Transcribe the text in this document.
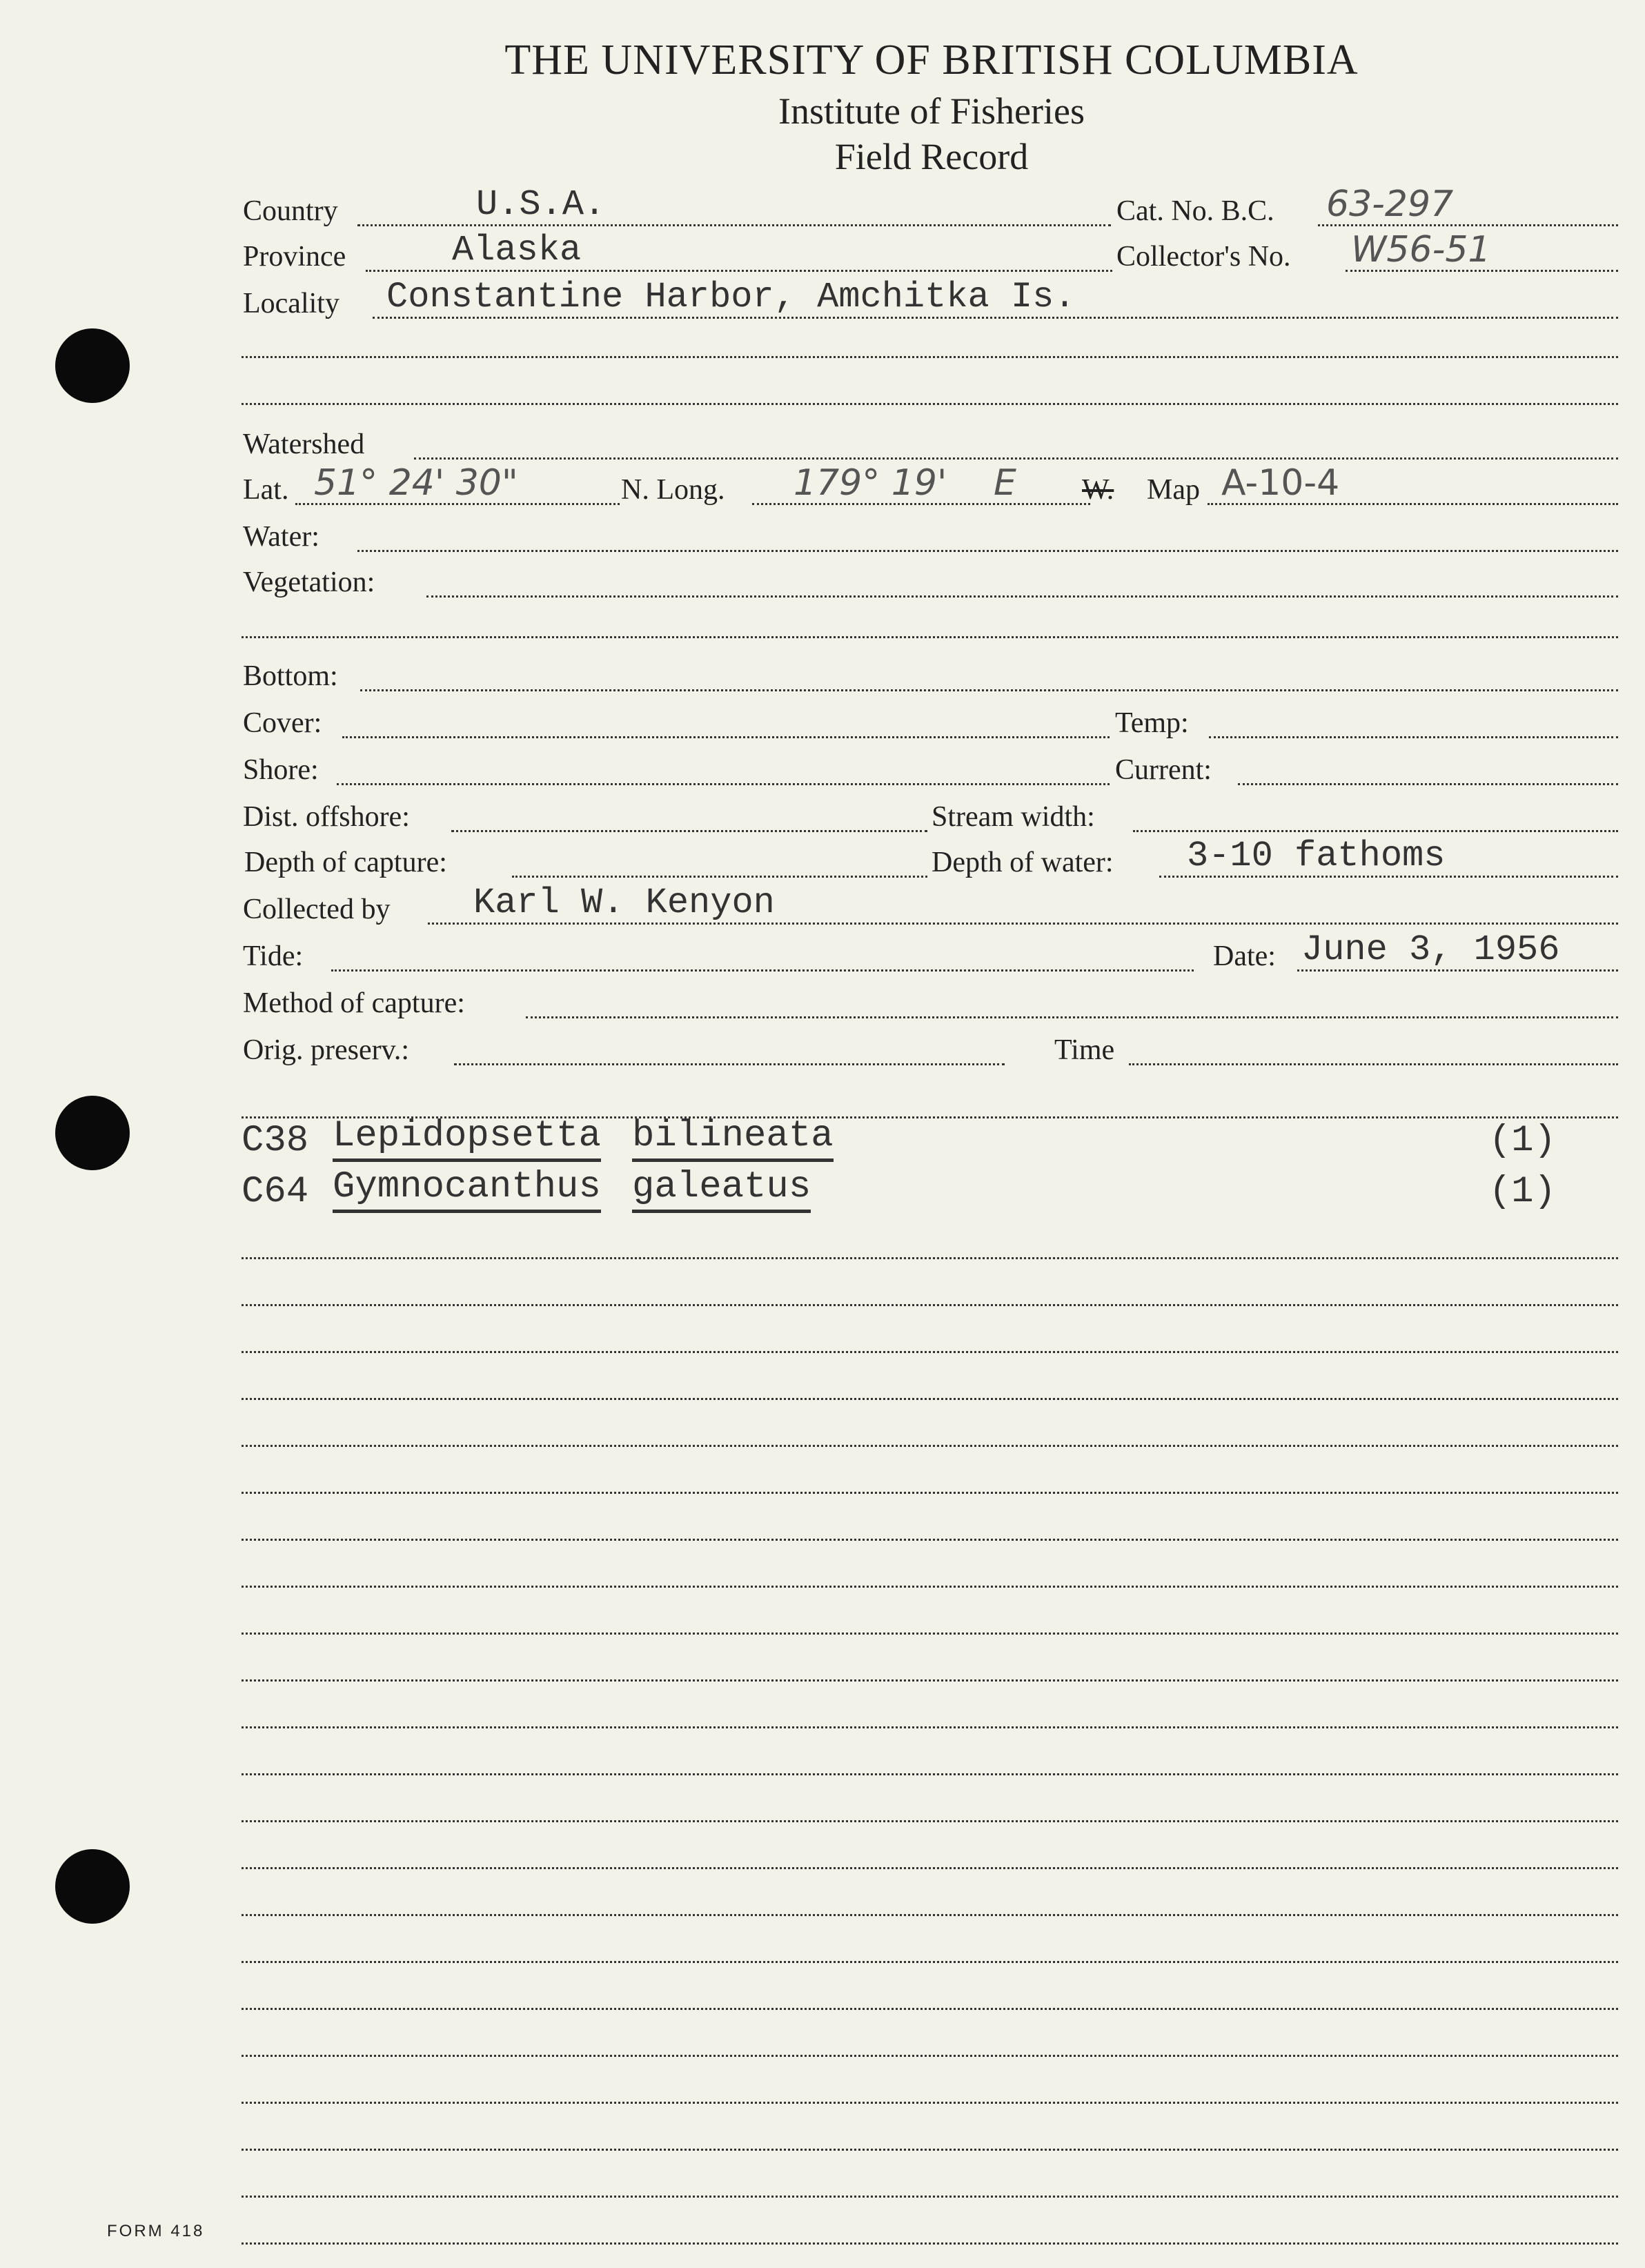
THE UNIVERSITY OF BRITISH COLUMBIA
Institute of Fisheries
Field Record
Country	U.S.A.	Cat. No. B.C. 63-297
Province	Alaska	Collector's No. W56-51
Locality Constantine Harbor, Amchitka Is.
Watershed
Lat. 51° 24' 30"	N. Long. 179° 19' E W. Map A-10-4
Water:
Vegetation:
Bottom:
Cover:	Temp:
Shore:	Current:
Dist. offshore:	Stream width:
Depth of capture:	Depth of water: 3-10 fathoms
Collected by Karl W. Kenyon
Tide:	Date: June 3, 1956
Method of capture:
Orig. preserv.:	Time
C38 Lepidopsetta bilineata	(1)
C64 Gymnocanthus galeatus	(1)
FORM 418
